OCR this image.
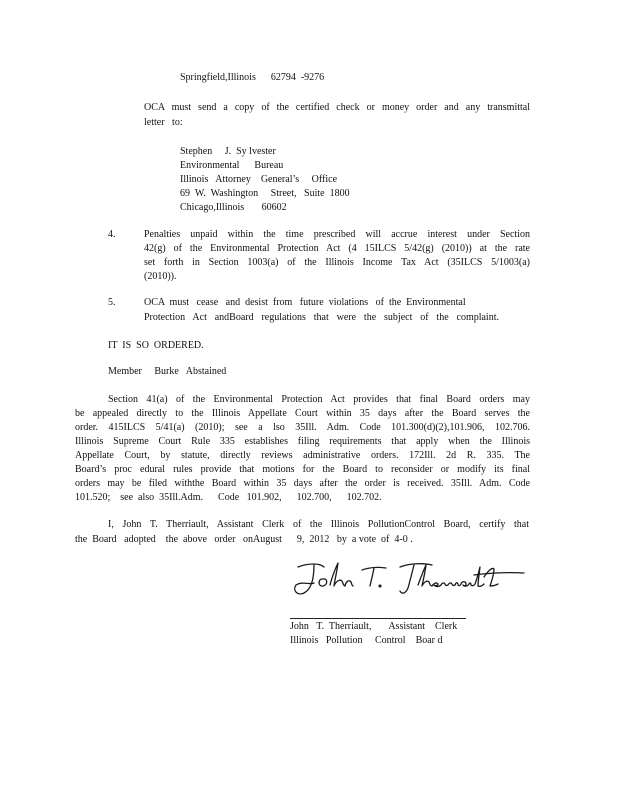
Springfield,Illinois      62794  -9276
OCA must send a copy of the certified check or money order and any transmittal
letter   to:
Stephen     J.  Sy lvester
Environmental      Bureau
Illinois   Attorney    General’s     Office
69  W.  Washington     Street,   Suite  1800
Chicago,Illinois       60602
4.	Penalties unpaid within the time prescribed will accrue interest under Section
42(g) of the Environmental Protection Act (4 15ILCS 5/42(g) (2010)) at the rate
set forth in Section 1003(a) of the Illinois Income Tax Act (35ILCS 5/1003(a)
(2010)).
5.	OCA  must   cease   and  desist  from   future  violations   of  the  Environmental
Protection Act andBoard regulations that were the subject of the complaint.
IT  IS  SO  ORDERED.
Member     Burke   Abstained
Section 41(a) of the Environmental Protection Act provides that final Board orders may
be appealed directly to the Illinois Appellate Court within 35 days after the Board serves the
order. 415ILCS 5/41(a) (2010); see a lso 35Ill. Adm. Code 101.300(d)(2),101.906, 102.706.
Illinois Supreme Court Rule 335 establishes filing requirements that apply when the Illinois
Appellate Court, by statute, directly reviews administrative orders. 172Ill. 2d R. 335. The
Board’s proc edural rules provide that motions for the Board to reconsider or modify its final
orders may be filed withthe Board within 35 days after the order is received. 35Ill. Adm. Code
101.520;    see  also  35Ill.Adm.      Code   101.902,      102.700,      102.702.
I, John T. Therriault, Assistant Clerk of the Illinois PollutionControl Board, certify that
the  Board   adopted    the  above   order   onAugust      9,  2012   by  a vote  of  4-0 .
John   T.  Therriault,       Assistant    Clerk
Illinois   Pollution     Control    Boar d
